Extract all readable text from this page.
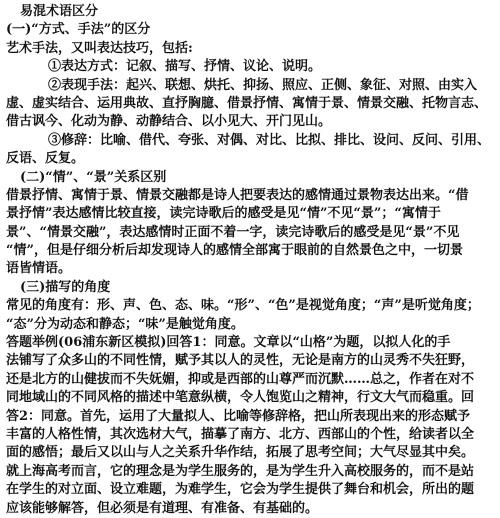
易混术语区分
(一)“方式、手法”的区分
艺术手法，又叫表达技巧，包括:
①表达方式：记叙、描写、抒情、议论、说明。
②表现手法：起兴、联想、烘托、抑扬、照应、正侧、象征、对照、由实入
虚、虚实结合、运用典故、直抒胸臆、借景抒情、寓情于景、情景交融、托物言志、
借古讽今、化动为静、动静结合、以小见大、开门见山。
③修辞：比喻、借代、夸张、对偶、对比、比拟、排比、设问、反问、引用、
反语、反复。
(二)“情”、“景”关系区别
借景抒情、寓情于景、情景交融都是诗人把要表达的感情通过景物表达出来。“借
景抒情”表达感情比较直接，读完诗歌后的感受是见“情”不见“景”；“寓情于
景”、“情景交融”，表达感情时正面不着一字，读完诗歌后的感受是见“景”不见
“情”，但是仔细分析后却发现诗人的感情全部寓于眼前的自然景色之中，一切景
语皆情语。
(三)描写的角度
常见的角度有：形、声、色、态、味。“形”、“色”是视觉角度；“声”是听觉角度；
“态”分为动态和静态；“味”是触觉角度。
答题举例(06浦东新区模拟)回答1：同意。文章以“山格”为题，以拟人化的手
法铺写了众多山的不同性情，赋予其以人的灵性，无论是南方的山灵秀不失狂野，
还是北方的山健拔而不失妩媚，抑或是西部的山尊严而沉默……总之，作者在对不
同地域山的不同风格的描述中笔意纵横，令人饱览山之精神，行文大气而稳重。回
答2：同意。首先，运用了大量拟人、比喻等修辞格，把山所表现出来的形态赋予
丰富的人格性情，其次选材大气，描摹了南方、北方、西部山的个性，给读者以全
面的感悟；最后又以山与人之关系升华作结，拓展了思考空间；大气尽显其中矣。
就上海高考而言，它的理念是为学生服务的，是为学生升入高校服务的，而不是站
在学生的对立面、设立难题，为难学生，它会为学生提供了舞台和机会，所出的题
应该能够解答，但必须是有道理、有准备、有基础的。
